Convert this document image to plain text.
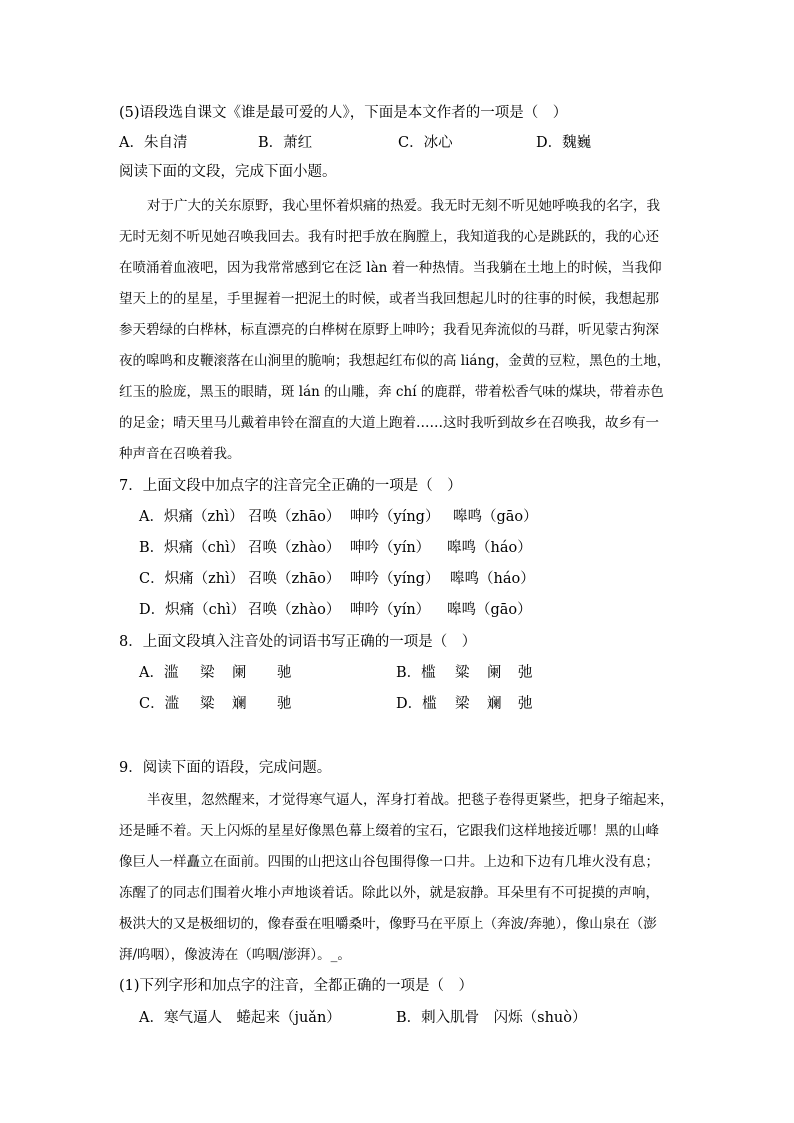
(5)语段选自课文《谁是最可爱的人》，下面是本文作者的一项是（　）
A．朱自清	B．萧红	C．冰心	D．魏巍
阅读下面的文段，完成下面小题。
对于广大的关东原野，我心里怀着炽痛的热爱。我无时无刻不听见她呼唤我的名字，我
无时无刻不听见她召唤我回去。我有时把手放在胸膛上，我知道我的心是跳跃的，我的心还
在喷涌着血液吧，因为我常常感到它在泛 làn 着一种热情。当我躺在土地上的时候，当我仰
望天上的的星星，手里握着一把泥土的时候，或者当我回想起儿时的往事的时候，我想起那
参天碧绿的白桦林，标直漂亮的白桦树在原野上呻吟；我看见奔流似的马群，听见蒙古狗深
夜的嗥鸣和皮鞭滚落在山涧里的脆响；我想起红布似的高 liáng，金黄的豆粒，黑色的土地，
红玉的脸庞，黑玉的眼睛，斑 lán 的山雕，奔 chí 的鹿群，带着松香气味的煤块，带着赤色
的足金；晴天里马儿戴着串铃在溜直的大道上跑着……这时我听到故乡在召唤我，故乡有一
种声音在召唤着我。
7．上面文段中加点字的注音完全正确的一项是（　）
A．炽痛（zhì） 召唤（zhāo） 呻吟（yíng） 嗥鸣（gāo）
B．炽痛（chì） 召唤（zhào） 呻吟（yín） 嗥鸣（háo）
C．炽痛（zhì） 召唤（zhāo） 呻吟（yíng） 嗥鸣（háo）
D．炽痛（chì） 召唤（zhào） 呻吟（yín） 嗥鸣（gāo）
8．上面文段填入注音处的词语书写正确的一项是（　）
A．滥 梁 阑 驰	B．槛 粱 阑 弛
C．滥 粱 斓 驰	D．槛 梁 斓 弛
9．阅读下面的语段，完成问题。
半夜里，忽然醒来，才觉得寒气逼人，浑身打着战。把毯子卷得更紧些，把身子缩起来，
还是睡不着。天上闪烁的星星好像黑色幕上缀着的宝石，它跟我们这样地接近哪！黑的山峰
像巨人一样矗立在面前。四围的山把这山谷包围得像一口井。上边和下边有几堆火没有息；
冻醒了的同志们围着火堆小声地谈着话。除此以外，就是寂静。耳朵里有不可捉摸的声响，
极洪大的又是极细切的，像春蚕在咀嚼桑叶，像野马在平原上（奔波/奔驰），像山泉在（澎
湃/呜咽），像波涛在（呜咽/澎湃）。_。
(1)下列字形和加点字的注音，全都正确的一项是（　）
A．寒气逼人　蜷起来（juǎn）	B．刺入肌骨　闪烁（shuò）
